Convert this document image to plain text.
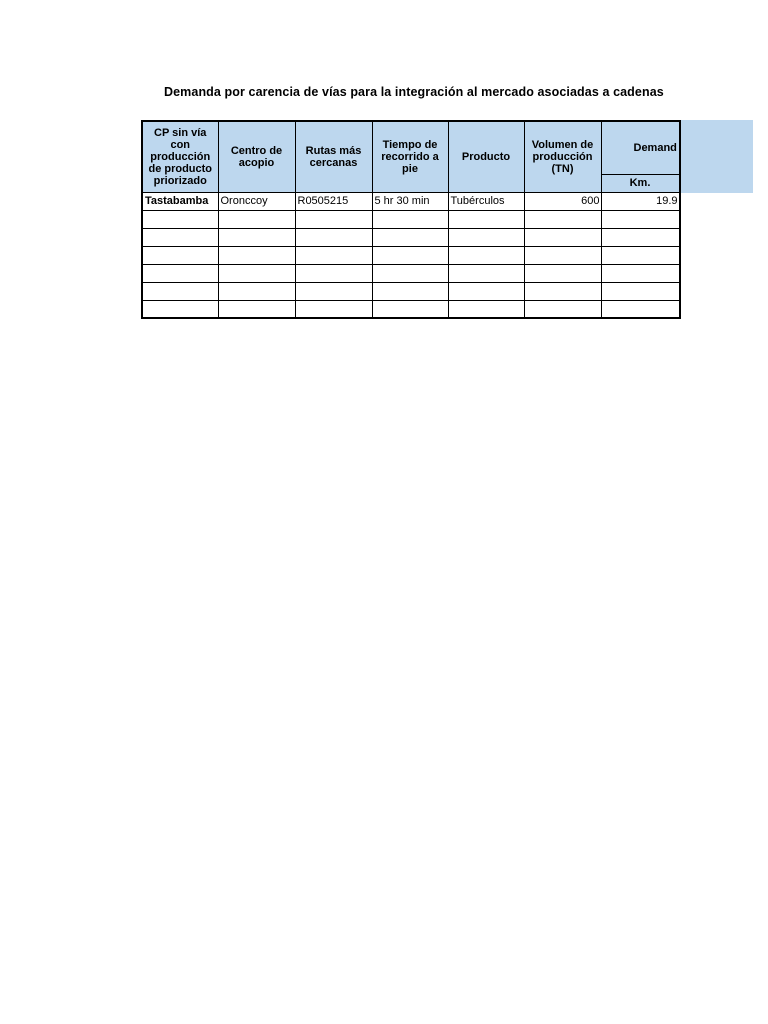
Demanda por carencia de vías para la integración al mercado asociadas a cadenas
CP sin vía con producción de producto priorizado	Centro de acopio	Rutas más cercanas	Tiempo de recorrido a pie	Producto	Volumen de producción (TN)	Demand

						Km.
Tastabamba	Oronccoy	R0505215	5 hr 30 min	Tubérculos	600	19.9
